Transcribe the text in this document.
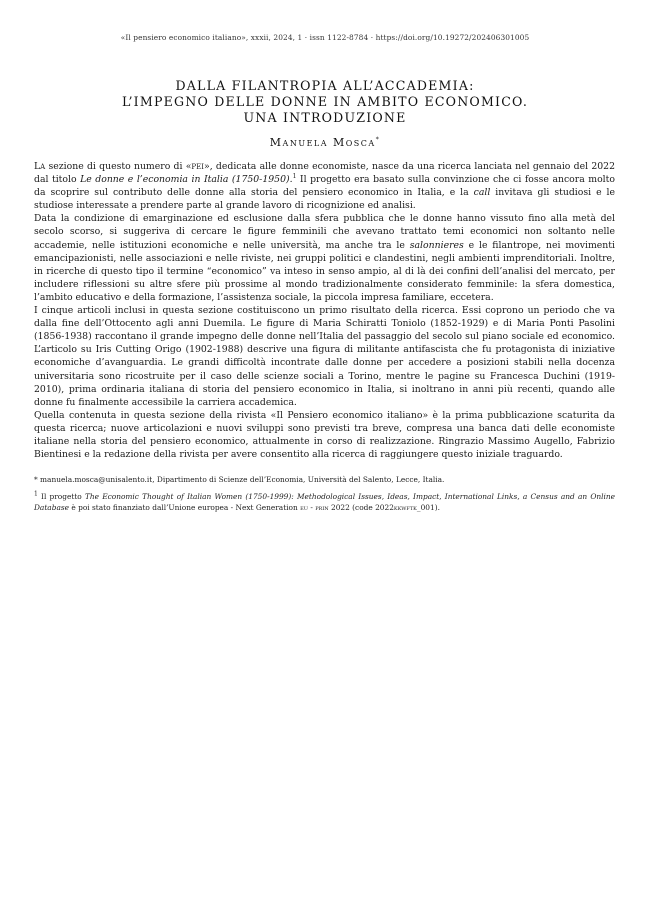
«Il pensiero economico italiano», xxxii, 2024, 1 · issn 1122-8784 · https://doi.org/10.19272/202406301005
DALLA FILANTROPIA ALL’ACCADEMIA:
L’IMPEGNO DELLE DONNE IN AMBITO ECONOMICO.
UNA INTRODUZIONE
Manuela Mosca*

La sezione di questo numero di «pei», dedicata alle donne economiste, nasce da una ricerca lanciata nel gennaio del 2022 dal titolo Le donne e l’economia in Italia (1750-1950).$^1$ Il progetto era basato sulla convinzione che ci fosse ancora molto da scoprire sul contributo delle donne alla storia del pensiero economico in Italia, e la call invitava gli studiosi e le studiose interessate a prendere parte al grande lavoro di ricognizione ed analisi.

Data la condizione di emarginazione ed esclusione dalla sfera pubblica che le donne hanno vissuto fino alla metà del secolo scorso, si suggeriva di cercare le figure femminili che avevano trattato temi economici non soltanto nelle accademie, nelle istituzioni economiche e nelle università, ma anche tra le salonnieres e le filantrope, nei movimenti emancipazionisti, nelle associazioni e nelle riviste, nei gruppi politici e clandestini, negli ambienti imprenditoriali. Inoltre, in ricerche di questo tipo il termine “economico” va inteso in senso ampio, al di là dei confini dell’analisi del mercato, per includere riflessioni su altre sfere più prossime al mondo tradizionalmente considerato femminile: la sfera domestica, l’ambito educativo e della formazione, l’assistenza sociale, la piccola impresa familiare, eccetera.

I cinque articoli inclusi in questa sezione costituiscono un primo risultato della ricerca. Essi coprono un periodo che va dalla fine dell’Ottocento agli anni Duemila. Le figure di Maria Schiratti Toniolo (1852-1929) e di Maria Ponti Pasolini (1856-1938) raccontano il grande impegno delle donne nell’Italia del passaggio del secolo sul piano sociale ed economico. L’articolo su Iris Cutting Origo (1902-1988) descrive una figura di militante antifascista che fu protagonista di iniziative economiche d’avanguardia. Le grandi difficoltà incontrate dalle donne per accedere a posizioni stabili nella docenza universitaria sono ricostruite per il caso delle scienze sociali a Torino, mentre le pagine su Francesca Duchini (1919-2010), prima ordinaria italiana di storia del pensiero economico in Italia, si inoltrano in anni più recenti, quando alle donne fu finalmente accessibile la carriera accademica.

Quella contenuta in questa sezione della rivista «Il Pensiero economico italiano» è la prima pubblicazione scaturita da questa ricerca; nuove articolazioni e nuovi sviluppi sono previsti tra breve, compresa una banca dati delle economiste italiane nella storia del pensiero economico, attualmente in corso di realizzazione. Ringrazio Massimo Augello, Fabrizio Bientinesi e la redazione della rivista per avere consentito alla ricerca di raggiungere questo iniziale traguardo.

* manuela.mosca@unisalento.it, Dipartimento di Scienze dell’Economia, Università del Salento, Lecce, Italia.

$^1$ Il progetto The Economic Thought of Italian Women (1750-1999): Methodological Issues, Ideas, Impact, International Links, a Census and an Online Database è poi stato finanziato dall’Unione europea - Next Generation eu - prin 2022 (code 2022kkwftk_001).
